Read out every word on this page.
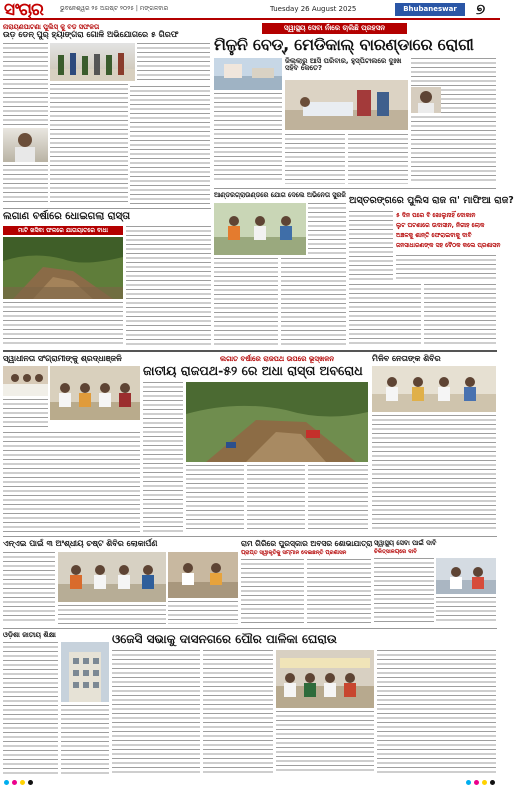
ସଂଚାର	ଭୁବନେଶ୍ୱର ୨୫ ଅଗଷ୍ଟ ୨୦୨୫ | ମଙ୍ଗଳବାର	Tuesday 26 August 2025	Bhubaneswar	୭
ନାରାୟଣପାଟଣା ପୁଲିସ୍ କୁ ବଡ଼ ସଫଳତା
ଉଡ଼ ଡେନ୍ ପୁର୍ ହ୍ୟାଙ୍ଗରା ଗୋଳି ଅଭିଯୋଗରେ ୫ ଗିରଫ
ଲଗାଣ ବର୍ଷାରେ ଧୋଇଗଲା ରାସ୍ତା
ମାଟି ଖସିବା ଫଳରେ ଯାତାୟାତରେ ବାଧା
ସ୍ୱାସ୍ଥ୍ୟ ସେବା ନାଁରେ ଚାଲିଛି ପ୍ରହସନ
ମିଳୁନି ବେଡ୍, ମେଡିକାଲ୍ ବାରଣ୍ଡାରେ ରୋଗୀ
ଜିଲ୍ଲାରୁ ଆସି ପରିବାର, ହୁସ୍ପିଟାଲରେ ଦୁଃଖ ସହିବ କେତେ?
ଆଣ୍ଡରଗ୍ରାଉଣ୍ଡରେ ଯୋଗ ଦେଲେ ଅଭିନେତା ସୁରଜି ଅସ୍ତରଙ୍ଗରେ ପୁଲିସ ରାଜ ନା' ମାଫିଆ ରାଜ?
୫ ଦିନ ପରେ ବି ଖୋଲୁନାହିଁ ଦୋକାନ
ଲୁଟ ଘଟଣାରେ ଉଦାସୀନ, ନିରୀହ ଲୋକ
ଅଞ୍ଚଳକୁ ଶାନ୍ତି ଫେରାଇବାକୁ ଦାବି
ଜନସାଧାରଣଙ୍କ ସହ ବୈଠକ କଲେ ପ୍ରଶାସନ
ସ୍ୱାଧୀନତା ସଂଗ୍ରାମୀଙ୍କୁ ଶ୍ରଦ୍ଧାଞ୍ଜଳି	ଲଗାତ ବର୍ଷାରେ ରାଜପଥ ଉପରେ ଭୂସ୍ଖଳନ
ଜାତୀୟ ରାଜପଥ-୫୨ ରେ ଅଧା ରାସ୍ତା ଅବରୋଧ
ମିଳିବ ନେତାଙ୍କ ଶିବିର
ଏନ୍ଏଇ ପାଇଁ ୩ ଅଂଶ୍ଧୀୟ ଚଷ୍ଟ ଶିବିର ଲୋକାର୍ପଣ	ରାମ ଗିରିରେ ପୁରସ୍କାର ଅବସର ଶୋଭାଯାତ୍ରା
ପ୍ରାପ୍ତ ସ୍ୱୀକୃତିକୁ ସମ୍ମାନ ଦେଇଛନ୍ତି ପ୍ରଶାସନ
ସ୍ୱାସ୍ଥ୍ୟ ସେବା ପାଇଁ ଦାବି
ଚିକିତ୍ସାଳୟରେ ଦାବି
ଓଡ଼ିଶା ଜାତୀୟ ଶିକ୍ଷା	ଓଜେସି ସଭାକୁ ଦାସନଗରେ ପୌର ପାଳିକା ଘେରାଉ
